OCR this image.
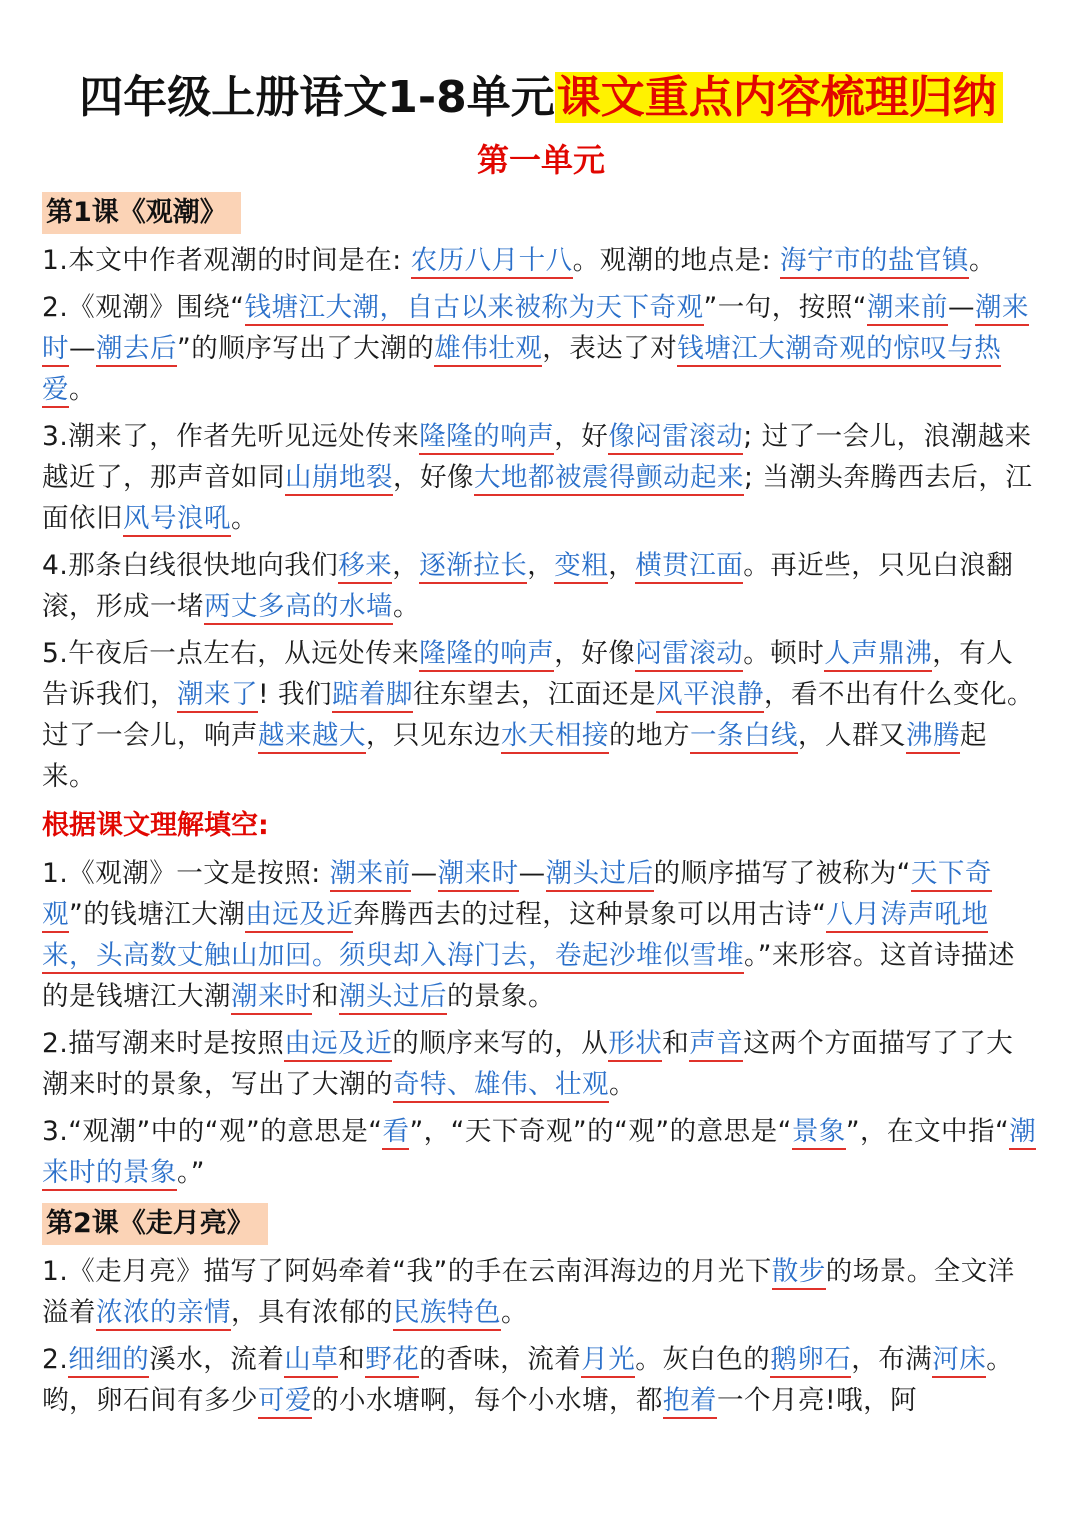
四年级上册语文1-8单元课文重点内容梳理归纳
第一单元
第1课《观潮》
1.本文中作者观潮的时间是在: 农历八月十八。观潮的地点是: 海宁市的盐官镇。
2.《观潮》围绕“钱塘江大潮，自古以来被称为天下奇观”一句，按照“潮来前—潮来时—潮去后”的顺序写出了大潮的雄伟壮观，表达了对钱塘江大潮奇观的惊叹与热爱。
3.潮来了，作者先听见远处传来隆隆的响声，好像闷雷滚动; 过了一会儿，浪潮越来越近了，那声音如同山崩地裂，好像大地都被震得颤动起来; 当潮头奔腾西去后，江面依旧风号浪吼。
4.那条白线很快地向我们移来，逐渐拉长，变粗，横贯江面。再近些，只见白浪翻滚，形成一堵两丈多高的水墙。
5.午夜后一点左右，从远处传来隆隆的响声，好像闷雷滚动。顿时人声鼎沸，有人告诉我们，潮来了! 我们踮着脚往东望去，江面还是风平浪静，看不出有什么变化。过了一会儿，响声越来越大，只见东边水天相接的地方一条白线，人群又沸腾起来。
根据课文理解填空:
1.《观潮》一文是按照: 潮来前—潮来时—潮头过后的顺序描写了被称为“天下奇观”的钱塘江大潮由远及近奔腾西去的过程，这种景象可以用古诗“八月涛声吼地来，头高数丈触山加回。须臾却入海门去，卷起沙堆似雪堆。”来形容。这首诗描述的是钱塘江大潮潮来时和潮头过后的景象。
2.描写潮来时是按照由远及近的顺序来写的，从形状和声音这两个方面描写了了大潮来时的景象，写出了大潮的奇特、雄伟、壮观。
3.“观潮”中的“观”的意思是“看”，“天下奇观”的“观”的意思是“景象”，在文中指“潮来时的景象。”
第2课《走月亮》
1.《走月亮》描写了阿妈牵着“我”的手在云南洱海边的月光下散步的场景。全文洋溢着浓浓的亲情，具有浓郁的民族特色。
2.细细的溪水，流着山草和野花的香味，流着月光。灰白色的鹅卵石，布满河床。哟，卵石间有多少可爱的小水塘啊，每个小水塘，都抱着一个月亮!哦，阿
